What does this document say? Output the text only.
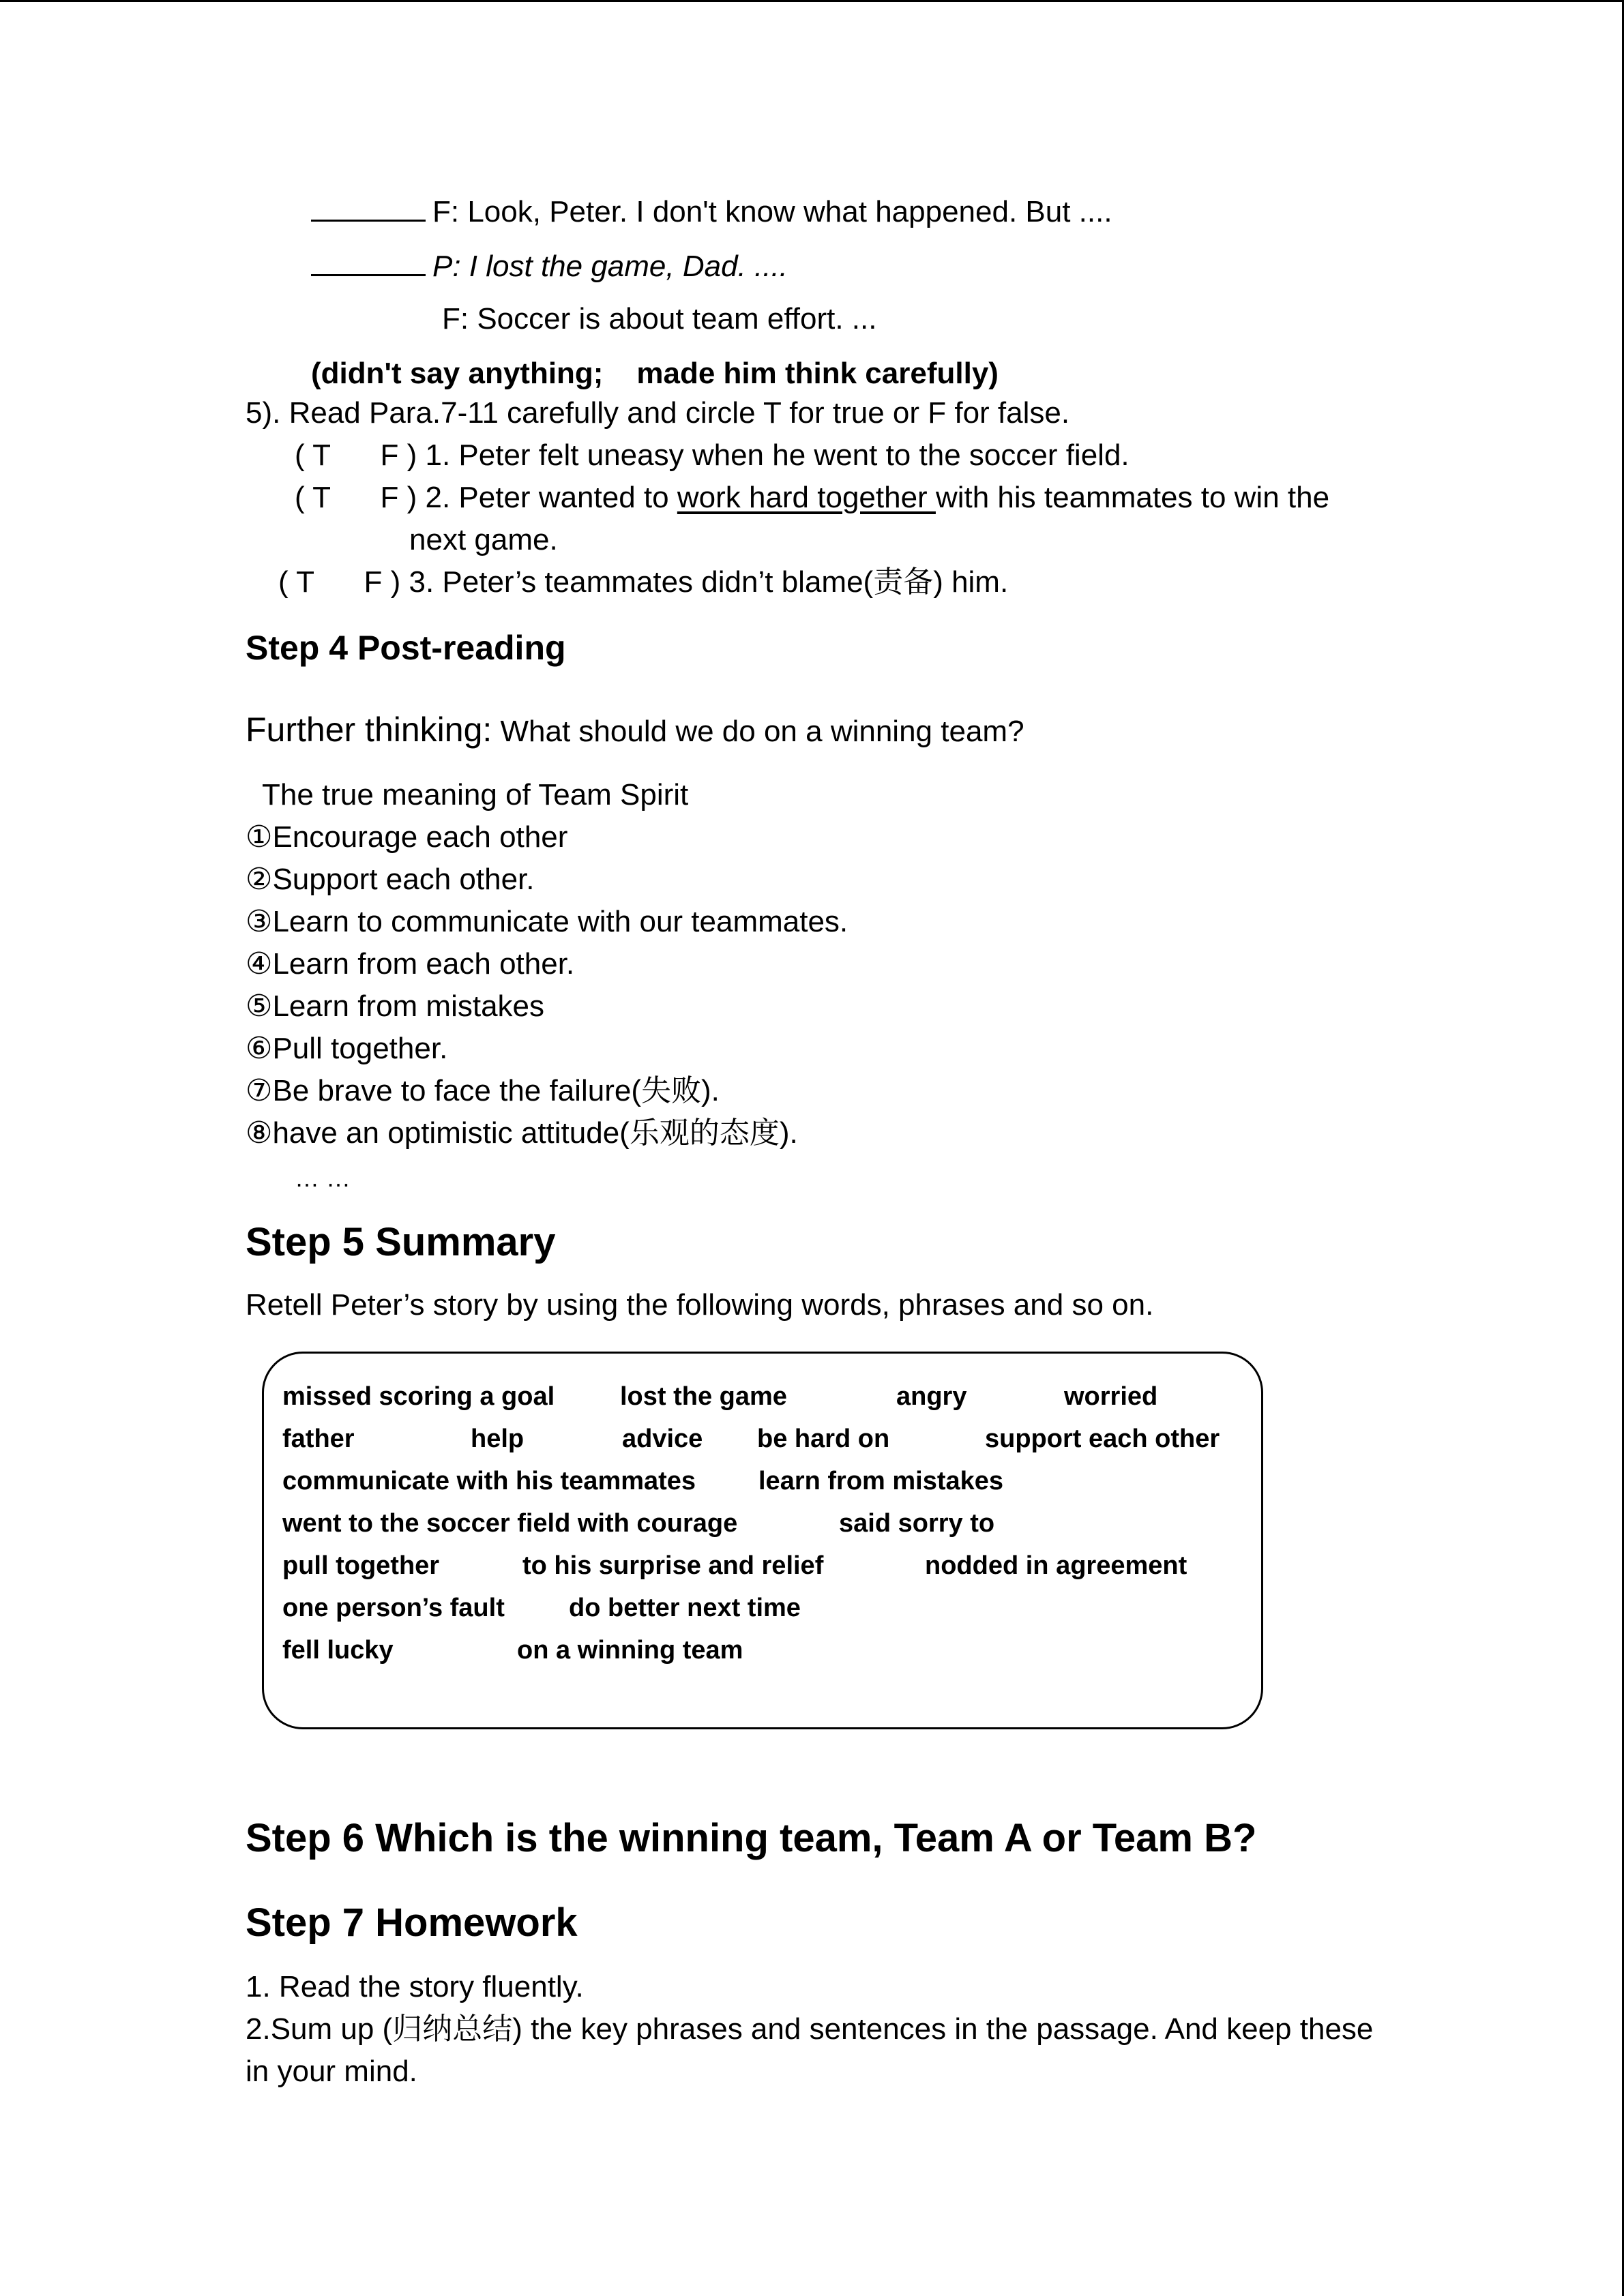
F: Look, Peter. I don't know what happened. But ....
P: I lost the game, Dad. ....
F: Soccer is about team effort. ...
(didn't say anything;    made him think carefully)
5). Read Para.7-11 carefully and circle T for true or F for false.
( T      F ) 1. Peter felt uneasy when he went to the soccer field.
( T      F ) 2. Peter wanted to work hard together with his teammates to win the
next game.
( T      F ) 3. Peter’s teammates didn’t blame(责备) him.
Step 4 Post-reading
Further thinking: What should we do on a winning team?
The true meaning of Team Spirit
①Encourage each other
②Support each other.
③Learn to communicate with our teammates.
④Learn from each other.
⑤Learn from mistakes
⑥Pull together.
⑦Be brave to face the failure(失败).
⑧have an optimistic attitude(乐观的态度).
… …
Step 5 Summary
Retell Peter’s story by using the following words, phrases and so on.
missed scoring a goal	lost the game	angry	worried
father	help	advice be hard on	support each other
communicate with his teammates learn from mistakes
went to the soccer field with courage	said sorry to
pull together	to his surprise and relief	nodded in agreement
one person’s fault do better next time
fell lucky	on a winning team
Step 6 Which is the winning team, Team A or Team B?
Step 7 Homework
1. Read the story fluently.
2.Sum up (归纳总结) the key phrases and sentences in the passage. And keep these
in your mind.
